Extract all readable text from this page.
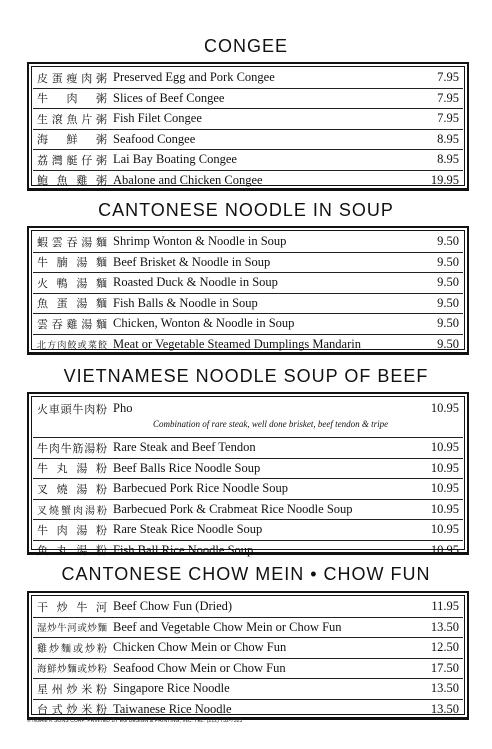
CONGEE
皮蛋瘦肉粥 Preserved Egg and Pork Congee	7.95
牛 肉 粥 Slices of Beef Congee	7.95
生滾魚片粥 Fish Filet Congee	7.95
海 鮮 粥 Seafood Congee	8.95
荔灣艇仔粥 Lai Bay Boating Congee	8.95
鮑 魚 雞 粥 Abalone and Chicken Congee	19.95
CANTONESE NOODLE IN SOUP
蝦雲吞湯麵 Shrimp Wonton & Noodle in Soup	9.50
牛 腩 湯 麵 Beef Brisket & Noodle in Soup	9.50
火 鴨 湯 麵 Roasted Duck & Noodle in Soup	9.50
魚 蛋 湯 麵 Fish Balls & Noodle in Soup	9.50
雲吞雞湯麵 Chicken, Wonton & Noodle in Soup	9.50
北方肉餃或菜餃 Meat or Vegetable Steamed Dumplings Mandarin	9.50
VIETNAMESE NOODLE SOUP OF BEEF
火車頭牛肉粉 Pho	10.95
Combination of rare steak, well done brisket, beef tendon & tripe
牛肉牛筋湯粉 Rare Steak and Beef Tendon	10.95
牛 丸 湯 粉 Beef Balls Rice Noodle Soup	10.95
叉 燒 湯 粉 Barbecued Pork Rice Noodle Soup	10.95
叉燒蟹肉湯粉 Barbecued Pork & Crabmeat Rice Noodle Soup	10.95
牛 肉 湯 粉 Rare Steak Rice Noodle Soup	10.95
魚 丸 湯 粉 Fish Ball Rice Noodle Soup	10.95
CANTONESE CHOW MEIN • CHOW FUN
干 炒 牛 河 Beef Chow Fun (Dried)	11.95
湿炒牛河或炒麵 Beef and Vegetable Chow Mein or Chow Fun	13.50
雞炒麵或炒粉 Chicken Chow Mein or Chow Fun	12.50
海鮮炒麵或炒粉 Seafood Chow Mein or Chow Fun	17.50
星州炒米粉 Singapore Rice Noodle	13.50
台式炒米粉 Taiwanese Rice Noodle	13.50
© NGAM K SONS CORP. PRINTED BY EG DESIGN & PRINTING, INC. TEL: (212) 732-7323
